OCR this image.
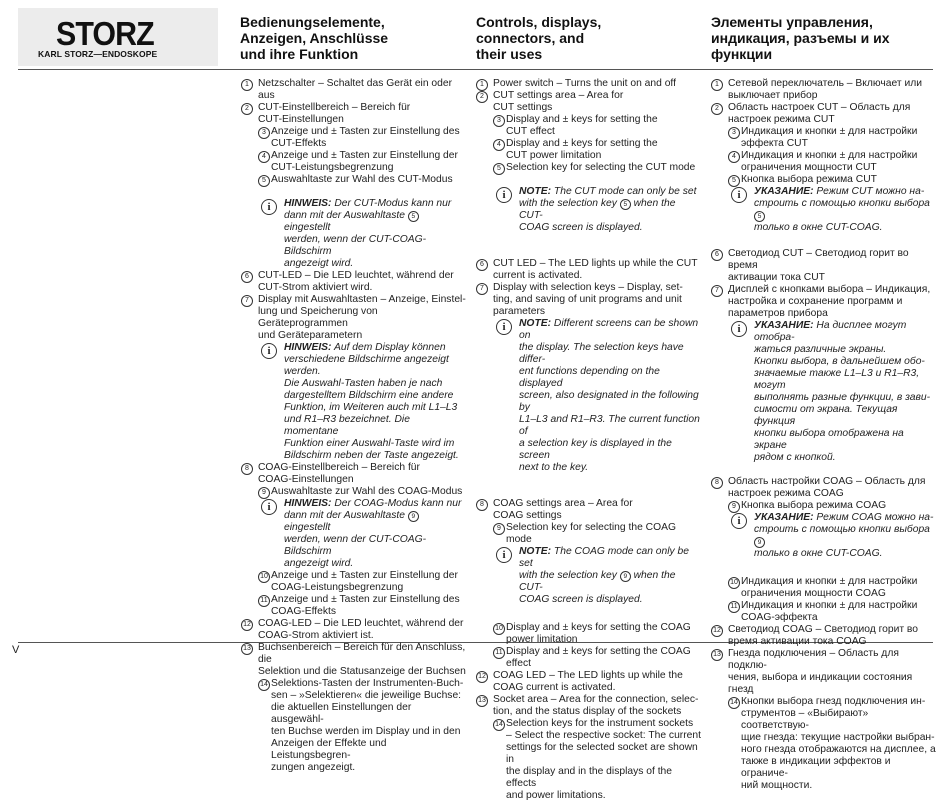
STORZ
KARL STORZ—ENDOSKOPE
Bedienungselemente,
Anzeigen, Anschlüsse
und ihre Funktion
Controls, displays,
connectors, and
their uses
Элементы управления,
индикация, разъемы и их
функции

1 Netzschalter – Schaltet das Gerät ein oder aus

2 CUT-Einstellbereich – Bereich für
CUT-Einstellungen

3 Anzeige und ± Tasten zur Einstellung des
CUT-Effekts

4 Anzeige und ± Tasten zur Einstellung der
CUT-Leistungsbegrenzung

5 Auswahltaste zur Wahl des CUT-Modus

i	HINWEIS: Der CUT-Modus kann nur
dann mit der Auswahltaste 5 eingestellt
werden, wenn der CUT-COAG-Bildschirm
angezeigt wird.

6 CUT-LED – Die LED leuchtet, während der
CUT-Strom aktiviert wird.

7 Display mit Auswahltasten – Anzeige, Einstel-
lung und Speicherung von Geräteprogrammen
und Geräteparametern

i	HINWEIS: Auf dem Display können
verschiedene Bildschirme angezeigt
werden.
Die Auswahl-Tasten haben je nach
dargestelltem Bildschirm eine andere
Funktion, im Weiteren auch mit L1–L3
und R1–R3 bezeichnet. Die momentane
Funktion einer Auswahl-Taste wird im
Bildschirm neben der Taste angezeigt.

8 COAG-Einstellbereich – Bereich für
COAG-Einstellungen

9 Auswahltaste zur Wahl des COAG-Modus

i	HINWEIS: Der COAG-Modus kann nur
dann mit der Auswahltaste 9 eingestellt
werden, wenn der CUT-COAG-Bildschirm
angezeigt wird.

10 Anzeige und ± Tasten zur Einstellung der
COAG-Leistungsbegrenzung

11 Anzeige und ± Tasten zur Einstellung des
COAG-Effekts

12 COAG-LED – Die LED leuchtet, während der
COAG-Strom aktiviert ist.

13 Buchsenbereich – Bereich für den Anschluss, die
Selektion und die Statusanzeige der Buchsen

14 Selektions-Tasten der Instrumenten-Buch-
sen – »Selektieren« die jeweilige Buchse:
die aktuellen Einstellungen der ausgewähl-
ten Buchse werden im Display und in den
Anzeigen der Effekte und Leistungsbegren-
zungen angezeigt.

1 Power switch – Turns the unit on and off

2 CUT settings area – Area for
CUT settings

3 Display and ± keys for setting the
CUT effect

4 Display and ± keys for setting the
CUT power limitation

5 Selection key for selecting the CUT mode

i	NOTE: The CUT mode can only be set
with the selection key 5 when the CUT-
COAG screen is displayed.

6 CUT LED – The LED lights up while the CUT
current is activated.

7 Display with selection keys – Display, set-
ting, and saving of unit programs and unit
parameters

i	NOTE: Different screens can be shown on
the display. The selection keys have differ-
ent functions depending on the displayed
screen, also designated in the following by
L1–L3 and R1–R3. The current function of
a selection key is displayed in the screen
next to the key.

8 COAG settings area – Area for
COAG settings

9 Selection key for selecting the COAG mode

i	NOTE: The COAG mode can only be set
with the selection key 9 when the CUT-
COAG screen is displayed.

10 Display and ± keys for setting the COAG
power limitation

11 Display and ± keys for setting the COAG
effect

12 COAG LED – The LED lights up while the
COAG current is activated.

13 Socket area – Area for the connection, selec-
tion, and the status display of the sockets

14 Selection keys for the instrument sockets
– Select the respective socket: The current
settings for the selected socket are shown in
the display and in the displays of the effects
and power limitations.

1 Сетевой переключатель – Включает или
выключает прибор

2 Область настроек CUT – Область для
настроек режима CUT

3 Индикация и кнопки ± для настройки
эффекта CUT

4 Индикация и кнопки ± для настройки
ограничения мощности CUT

5 Кнопка выбора режима CUT

i	УКАЗАНИЕ: Режим CUT можно на-
строить с помощью кнопки выбора 5
только в окне CUT-COAG.

6 Светодиод CUT – Светодиод горит во время
активации тока CUT

7 Дисплей с кнопками выбора – Индикация,
настройка и сохранение программ и
параметров прибора

i	УКАЗАНИЕ: На дисплее могут отобра-
жаться различные экраны.
Кнопки выбора, в дальнейшем обо-
значаемые также L1–L3 и R1–R3, могут
выполнять разные функции, в зави-
симости от экрана. Текущая функция
кнопки выбора отображена на экране
рядом с кнопкой.

8 Область настройки COAG – Область для
настроек режима COAG

9 Кнопка выбора режима COAG

i	УКАЗАНИЕ: Режим COAG можно на-
строить с помощью кнопки выбора 9
только в окне CUT-COAG.

10 Индикация и кнопки ± для настройки
ограничения мощности COAG

11 Индикация и кнопки ± для настройки
COAG-эффекта

12 Светодиод COAG – Светодиод горит во
время активации тока COAG

13 Гнезда подключения – Область для подклю-
чения, выбора и индикации состояния гнезд

14 Кнопки выбора гнезд подключения ин-
струментов – «Выбирают» соответствую-
щие гнезда: текущие настройки выбран-
ного гнезда отображаются на дисплее, а
также в индикации эффектов и ограниче-
ний мощности.

V
